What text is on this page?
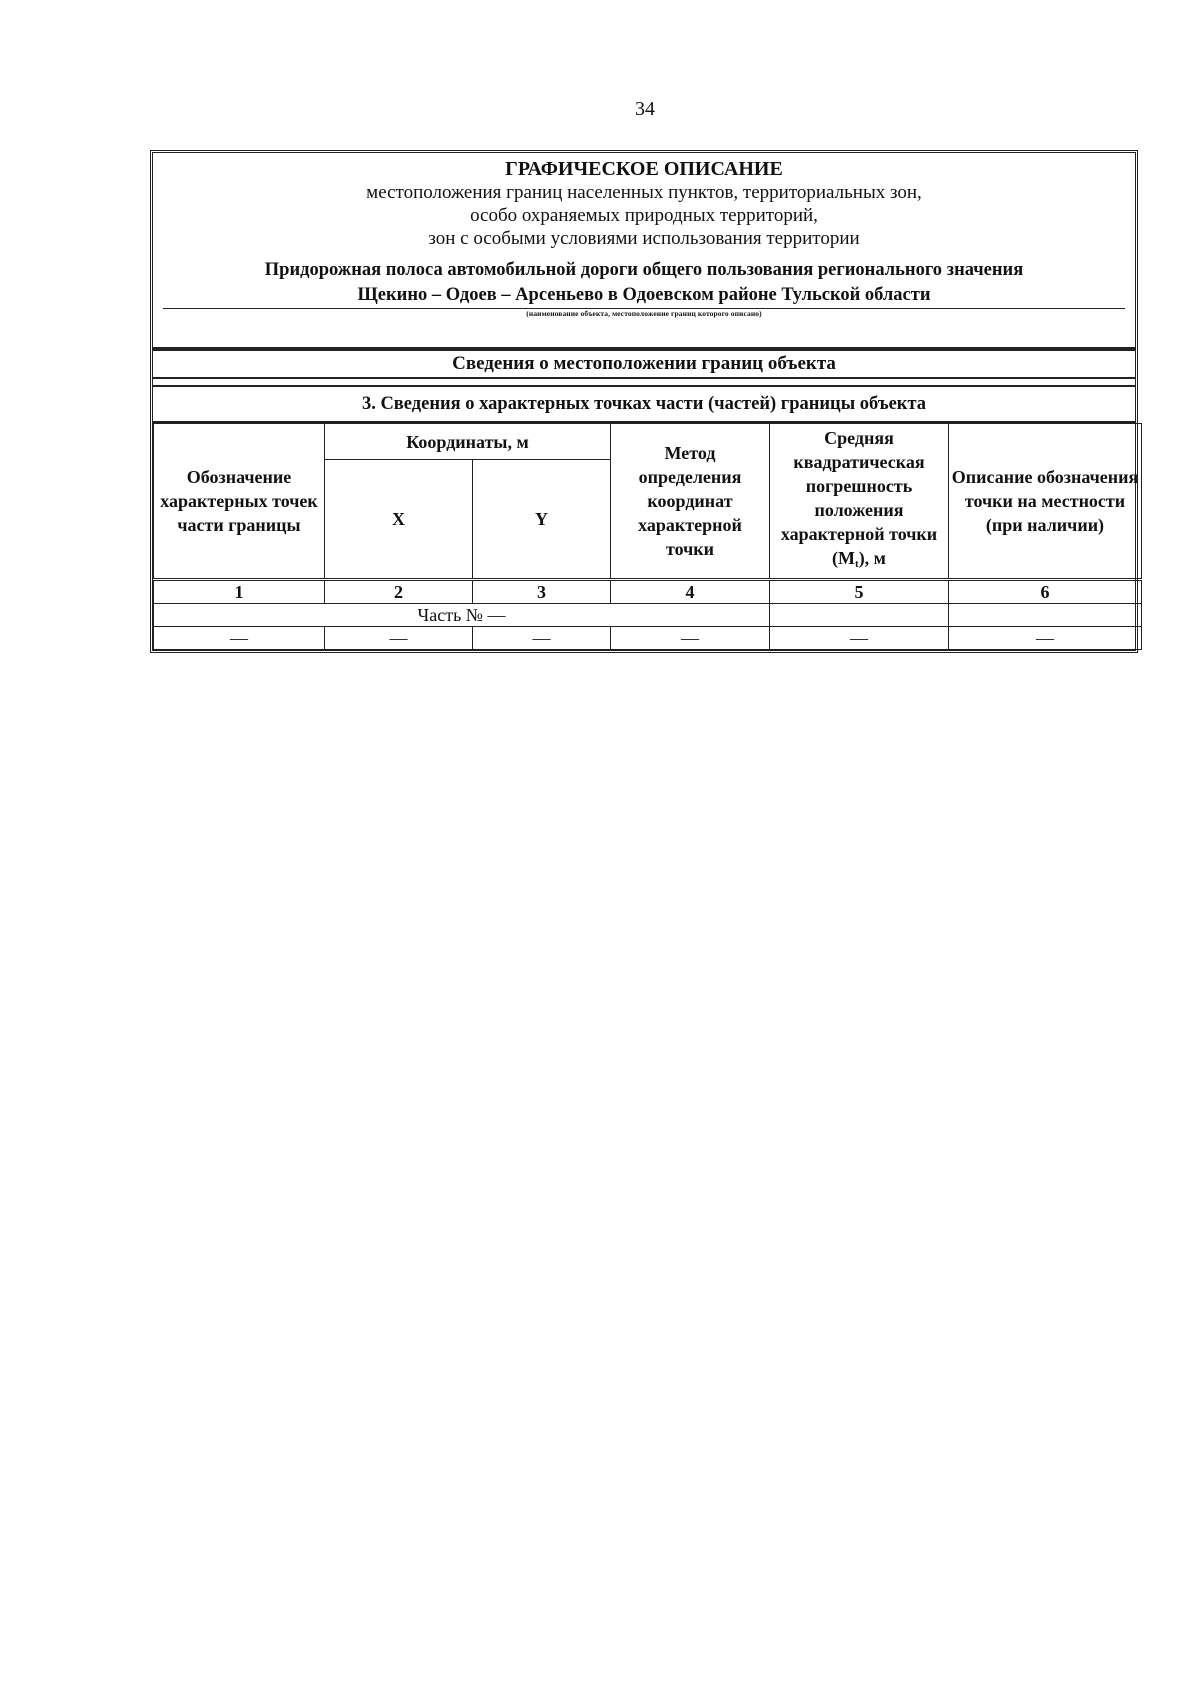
34
ГРАФИЧЕСКОЕ ОПИСАНИЕ
местоположения границ населенных пунктов, территориальных зон,
особо охраняемых природных территорий,
зон с особыми условиями использования территории
Придорожная полоса автомобильной дороги общего пользования регионального значения
Щекино – Одоев – Арсеньево в Одоевском районе Тульской области
(наименование объекта, местоположение границ которого описано)
Сведения о местоположении границ объекта
3. Сведения о характерных точках части (частей) границы объекта
Обозначение характерных точек части границы	Координаты, м		Метод определения координат характерной точки	Средняя квадратическая погрешность положения характерной точки (Mt), м	Описание обозначения точки на местности (при наличии)
	X	Y			
1	2	3	4	5	6
Часть № —					
—	—	—	—	—	—
